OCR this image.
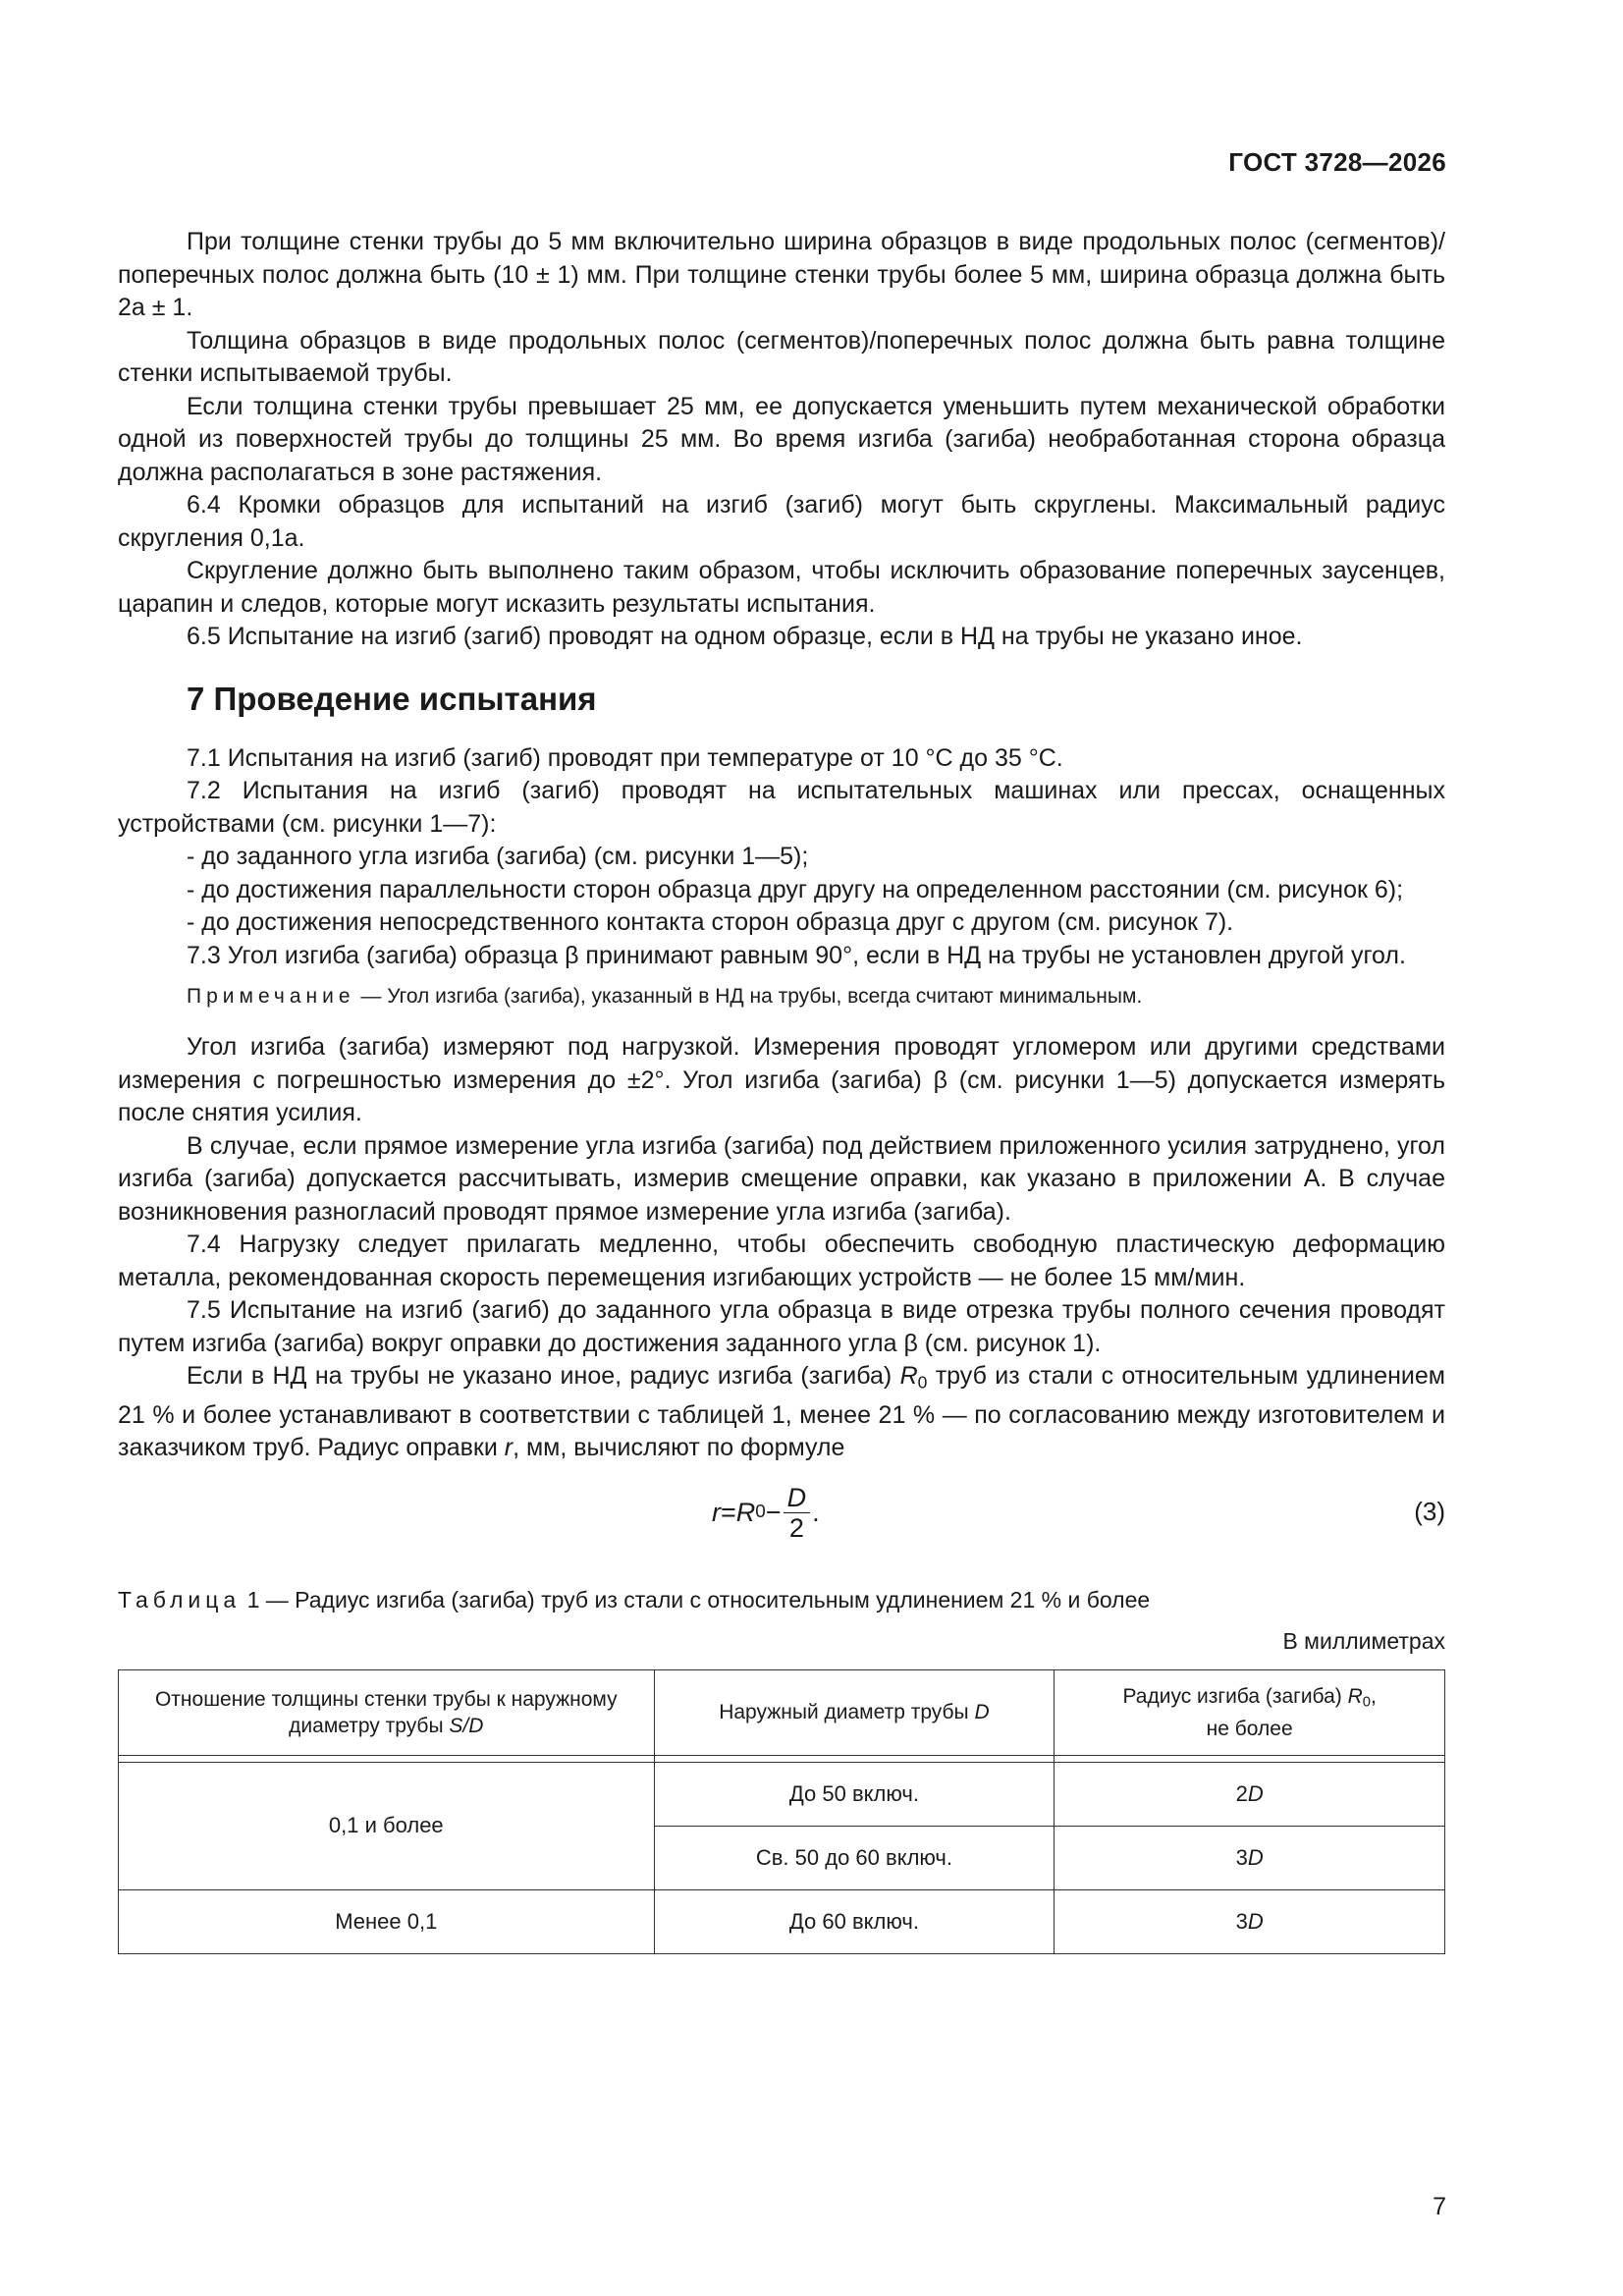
ГОСТ 3728—2026

При толщине стенки трубы до 5 мм включительно ширина образцов в виде продольных полос (сегментов)/поперечных полос должна быть (10 ± 1) мм. При толщине стенки трубы более 5 мм, ширина образца должна быть 2a ± 1.

Толщина образцов в виде продольных полос (сегментов)/поперечных полос должна быть равна толщине стенки испытываемой трубы.

Если толщина стенки трубы превышает 25 мм, ее допускается уменьшить путем механической обработки одной из поверхностей трубы до толщины 25 мм. Во время изгиба (загиба) необработанная сторона образца должна располагаться в зоне растяжения.

6.4 Кромки образцов для испытаний на изгиб (загиб) могут быть скруглены. Максимальный радиус скругления 0,1a.

Скругление должно быть выполнено таким образом, чтобы исключить образование поперечных заусенцев, царапин и следов, которые могут исказить результаты испытания.

6.5 Испытание на изгиб (загиб) проводят на одном образце, если в НД на трубы не указано иное.

7 Проведение испытания

7.1 Испытания на изгиб (загиб) проводят при температуре от 10 °С до 35 °С.

7.2 Испытания на изгиб (загиб) проводят на испытательных машинах или прессах, оснащенных устройствами (см. рисунки 1—7):

- до заданного угла изгиба (загиба) (см. рисунки 1—5);

- до достижения параллельности сторон образца друг другу на определенном расстоянии (см. рисунок 6);

- до достижения непосредственного контакта сторон образца друг с другом (см. рисунок 7).

7.3 Угол изгиба (загиба) образца β принимают равным 90°, если в НД на трубы не установлен другой угол.

Примечание — Угол изгиба (загиба), указанный в НД на трубы, всегда считают минимальным.

Угол изгиба (загиба) измеряют под нагрузкой. Измерения проводят угломером или другими средствами измерения с погрешностью измерения до ±2°. Угол изгиба (загиба) β (см. рисунки 1—5) допускается измерять после снятия усилия.

В случае, если прямое измерение угла изгиба (загиба) под действием приложенного усилия затруднено, угол изгиба (загиба) допускается рассчитывать, измерив смещение оправки, как указано в приложении А. В случае возникновения разногласий проводят прямое измерение угла изгиба (загиба).

7.4 Нагрузку следует прилагать медленно, чтобы обеспечить свободную пластическую деформацию металла, рекомендованная скорость перемещения изгибающих устройств — не более 15 мм/мин.

7.5 Испытание на изгиб (загиб) до заданного угла образца в виде отрезка трубы полного сечения проводят путем изгиба (загиба) вокруг оправки до достижения заданного угла β (см. рисунок 1).

Если в НД на трубы не указано иное, радиус изгиба (загиба) $R_0$ труб из стали с относительным удлинением 21 % и более устанавливают в соответствии с таблицей 1, менее 21 % — по согласованию между изготовителем и заказчиком труб. Радиус оправки r, мм, вычисляют по формуле

r = R $0 - \frac{D}{2}$ .	(3)
Таблица 1 — Радиус изгиба (загиба) труб из стали с относительным удлинением 21 % и более
В миллиметрах
Отношение толщины стенки трубы к наружному диаметру трубы S/D	Наружный диаметр трубы D	Радиус изгиба (загиба) $R_0$,
не более

0,1 и более	До 50 включ.	2D
	Св. 50 до 60 включ.	3D
Менее 0,1	До 60 включ.	3D
7
